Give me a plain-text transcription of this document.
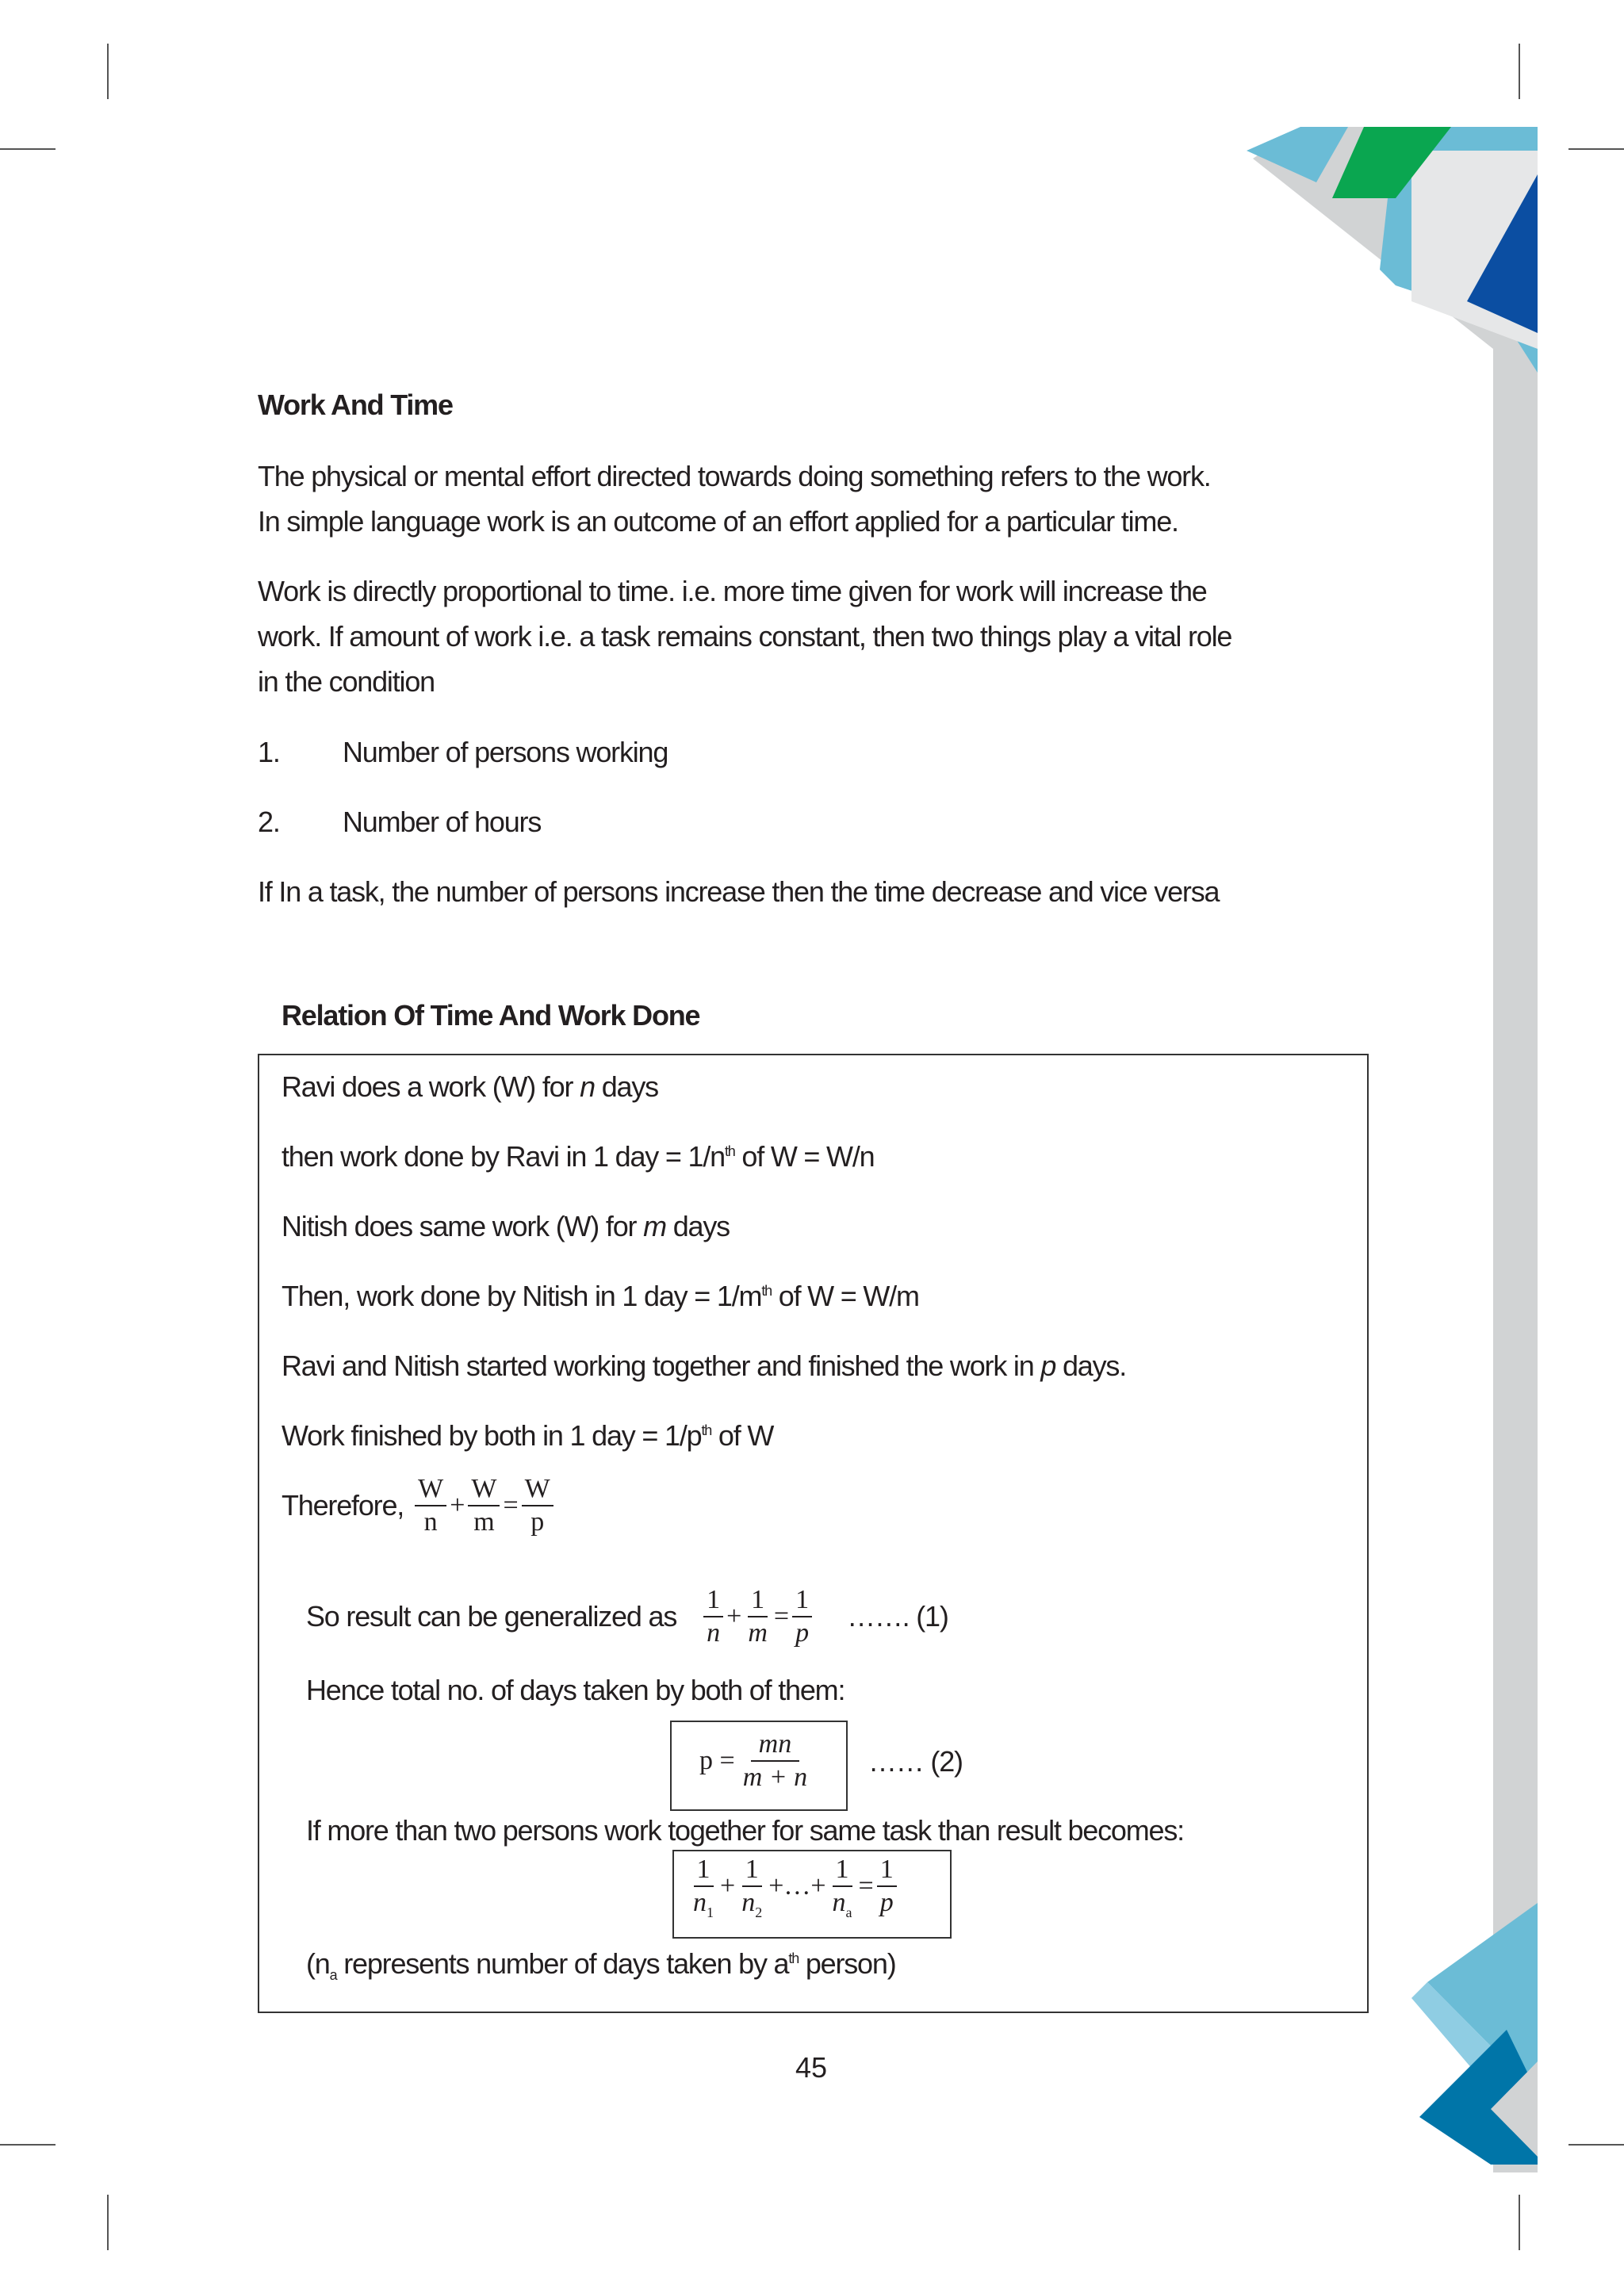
Work And Time
The physical or mental effort directed towards doing something refers to the work.
In simple language work is an outcome of an effort applied for a particular time.
Work is directly proportional to time. i.e. more time given for work will increase the
work. If amount of work i.e. a task remains constant, then two things play a vital role
in the condition
1. Number of persons working
2. Number of hours
If In a task, the number of persons increase then the time decrease and vice versa
Relation Of Time And Work Done
Ravi does a work (W) for n days
then work done by Ravi in 1 day = $1/n^{th}$ of W = W/n
Nitish does same work (W) for m days
Then, work done by Nitish in 1 day = $1/m^{th}$ of W = W/m
Ravi and Nitish started working together and finished the work in p days.
Work finished by both in 1 day = $1/p^{th}$ of W
Therefore, $\frac{W}{n} + \frac{W}{m} = \frac{W}{p}$
So result can be generalized as $\frac{1}{n} + \frac{1}{m} = \frac{1}{p}$ ……. (1)
Hence total no. of days taken by both of them:
$p = \frac{mn}{m + n}$ …… (2)
If more than two persons work together for same task than result becomes:
$\frac{1}{n_1} + \frac{1}{n_2}$ +…+ $\frac{1}{n_a} = \frac{1}{p}$
($n_a$ represents number of days taken by $a^{th}$ person)
45
